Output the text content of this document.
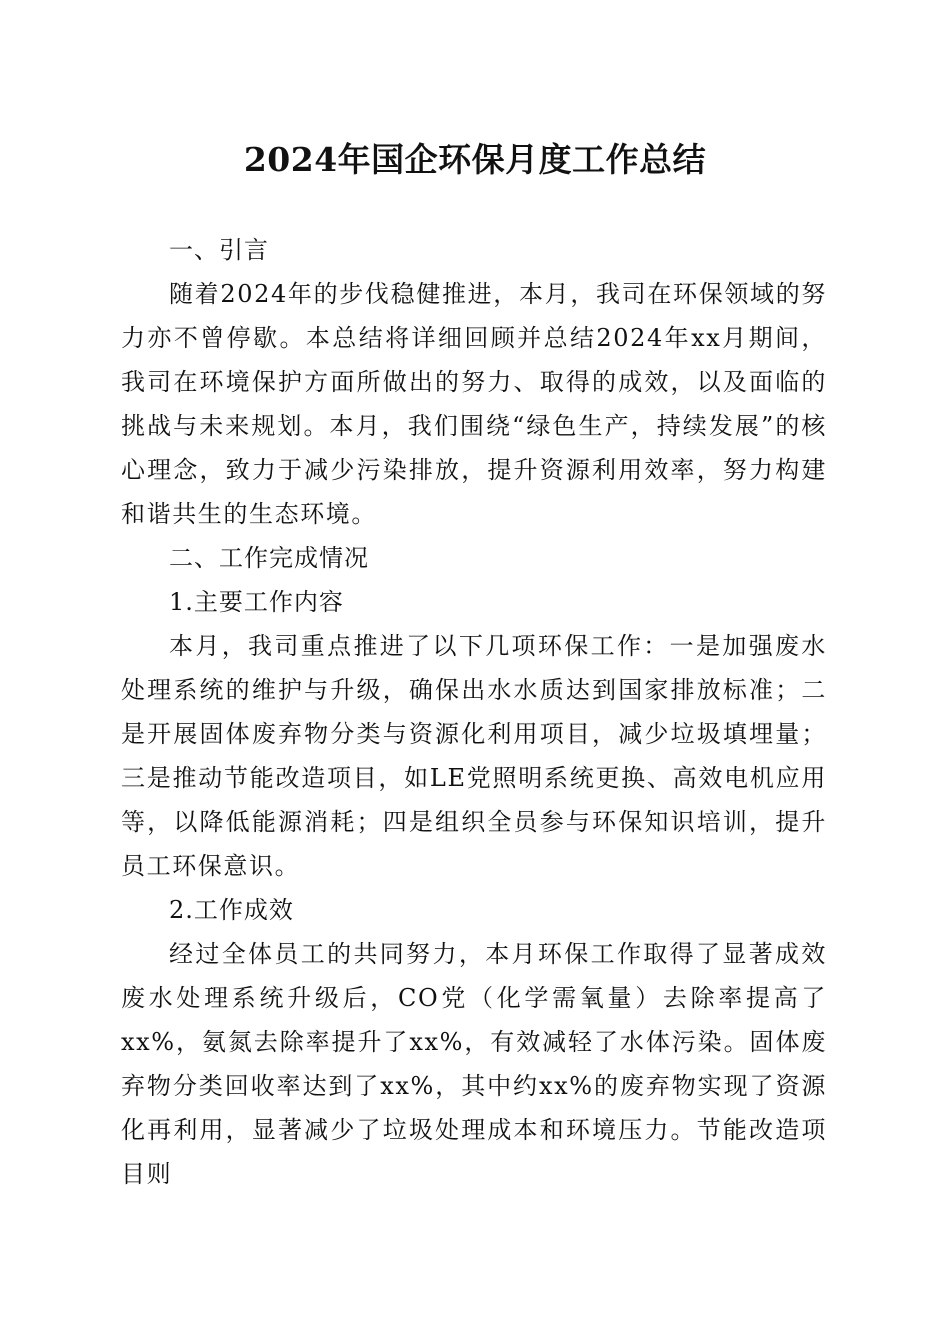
2024年国企环保月度工作总结
一、引言

随着2024年的步伐稳健推进，本月，我司在环保领域的努力亦不曾停歇。本总结将详细回顾并总结2024年xx月期间，我司在环境保护方面所做出的努力、取得的成效，以及面临的挑战与未来规划。本月，我们围绕“绿色生产，持续发展”的核心理念，致力于减少污染排放，提升资源利用效率，努力构建和谐共生的生态环境。

二、工作完成情况

1.主要工作内容

本月，我司重点推进了以下几项环保工作：一是加强废水处理系统的维护与升级，确保出水水质达到国家排放标准；二是开展固体废弃物分类与资源化利用项目，减少垃圾填埋量；三是推动节能改造项目，如LE党照明系统更换、高效电机应用等，以降低能源消耗；四是组织全员参与环保知识培训，提升员工环保意识。

2.工作成效

经过全体员工的共同努力，本月环保工作取得了显著成效废水处理系统升级后，CO党（化学需氧量）去除率提高了xx%，氨氮去除率提升了xx%，有效减轻了水体污染。固体废弃物分类回收率达到了xx%，其中约xx%的废弃物实现了资源化再利用，显著减少了垃圾处理成本和环境压力。节能改造项目则
